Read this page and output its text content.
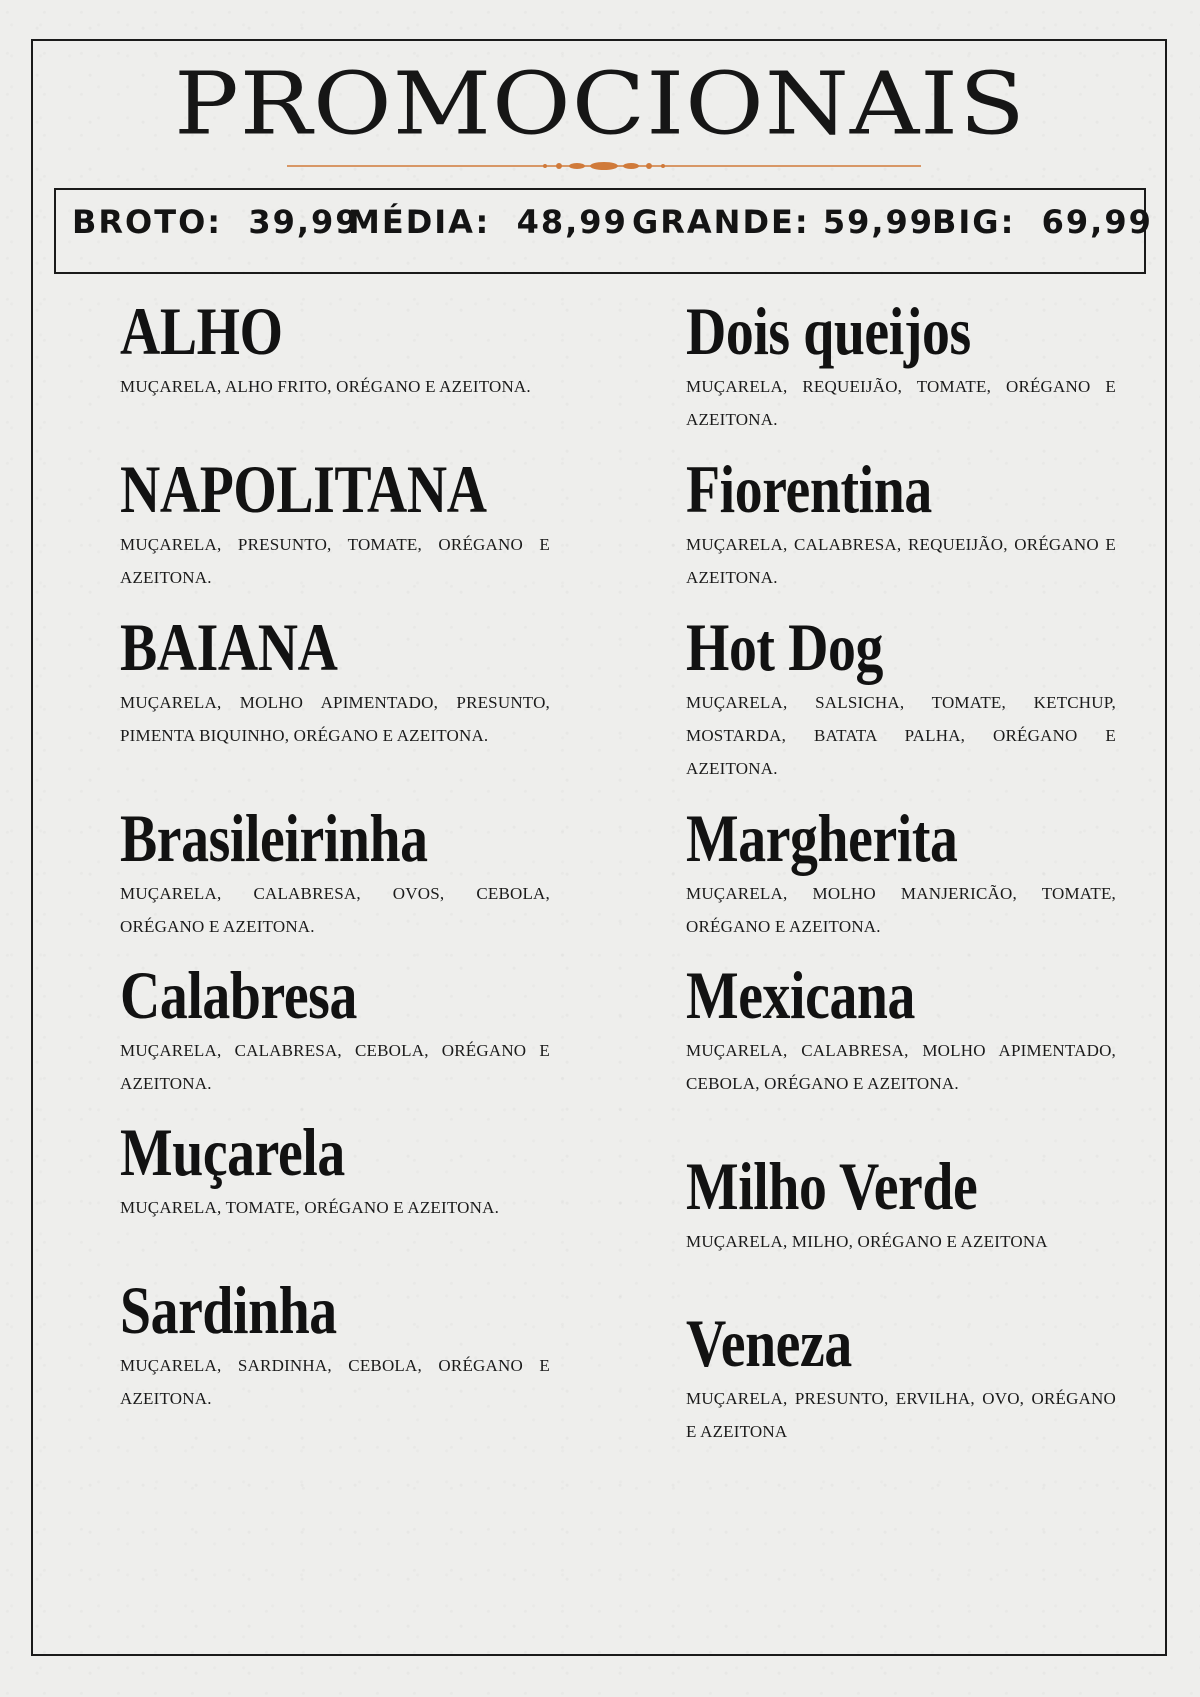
PROMOCIONAIS
BROTO: 39,99
MÉDIA: 48,99 GRANDE: 59,99
BIG: 69,99
ALHO
MUÇARELA, ALHO FRITO, ORÉGANO E AZEITONA.
NAPOLITANA
MUÇARELA, PRESUNTO, TOMATE, ORÉGANO E AZEITONA.
BAIANA
MUÇARELA, MOLHO APIMENTADO, PRESUNTO, PIMENTA BIQUINHO, ORÉGANO E AZEITONA.
Brasileirinha
MUÇARELA, CALABRESA, OVOS, CEBOLA, ORÉGANO E AZEITONA.
Calabresa
MUÇARELA, CALABRESA, CEBOLA, ORÉGANO E AZEITONA.
Muçarela
MUÇARELA, TOMATE, ORÉGANO E AZEITONA.
Sardinha
MUÇARELA, SARDINHA, CEBOLA, ORÉGANO E AZEITONA.
Dois queijos
MUÇARELA, REQUEIJÃO, TOMATE, ORÉGANO E AZEITONA.
Fiorentina
MUÇARELA, CALABRESA, REQUEIJÃO, ORÉGANO E AZEITONA.
Hot Dog
MUÇARELA, SALSICHA, TOMATE, KETCHUP, MOSTARDA, BATATA PALHA, ORÉGANO E AZEITONA.
Margherita
MUÇARELA, MOLHO MANJERICÃO, TOMATE, ORÉGANO E AZEITONA.
Mexicana
MUÇARELA, CALABRESA, MOLHO APIMENTADO, CEBOLA, ORÉGANO E AZEITONA.
Milho Verde
MUÇARELA, MILHO, ORÉGANO E AZEITONA
Veneza
MUÇARELA, PRESUNTO, ERVILHA, OVO, ORÉGANO E AZEITONA
